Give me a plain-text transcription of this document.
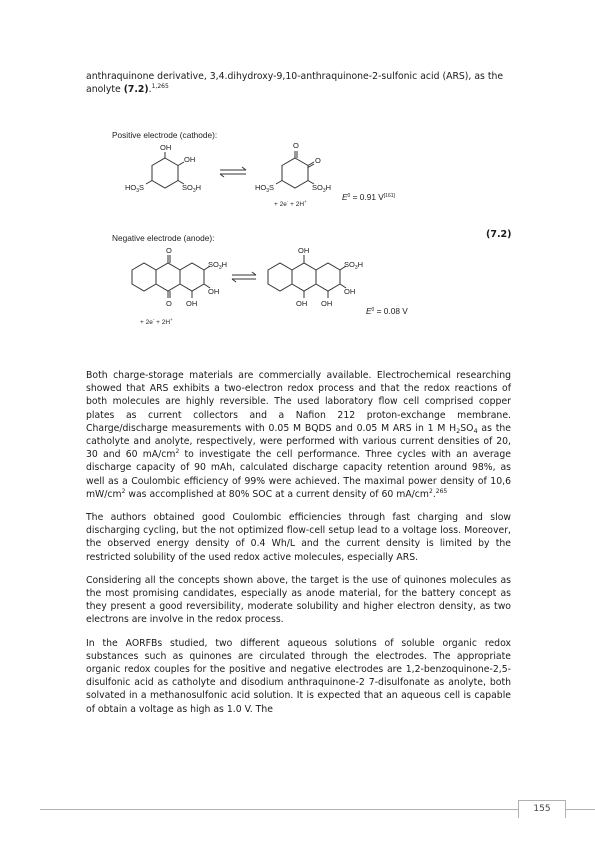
anthraquinone derivative, 3,4.dihydroxy-9,10-anthraquinone-2-sulfonic acid (ARS), as the anolyte (7.2).$^{1,265}$

Positive electrode (cathode):
Negative electrode (anode):
OH
OH
$HO_3S$	$SO_3H$
O
O
$HO_3S$	$SO_3H$
+ 2e- + 2H+	$E^0 = 0.91$ V[161]
O
O OH
$SO_3H$
OH
+ 2e- + 2H+
OH
OH OH
$SO_3H$
OH
$E^0 = 0.08$ V
(7.2)

Both charge-storage materials are commercially available. Electrochemical researching showed that ARS exhibits a two-electron redox process and that the redox reactions of both molecules are highly reversible. The used laboratory flow cell comprised copper plates as current collectors and a Nafion 212 proton-exchange membrane. Charge/discharge measurements with 0.05 M BQDS and 0.05 M ARS in 1 M $H_2SO_4$ as the catholyte and anolyte, respectively, were performed with various current densities of 20, 30 and 60 $mA/cm^2$ to investigate the cell performance. Three cycles with an average discharge capacity of 90 mAh, calculated discharge capacity retention around 98%, as well as a Coulombic efficiency of 99% were achieved. The maximal power density of 10,6 $mW/cm^2$ was accomplished at 80% SOC at a current density of 60 $mA/cm^2.^{265}$

The authors obtained good Coulombic efficiencies through fast charging and slow discharging cycling, but the not optimized flow-cell setup lead to a voltage loss. Moreover, the observed energy density of 0.4 Wh/L and the current density is limited by the restricted solubility of the used redox active molecules, especially ARS.

Considering all the concepts shown above, the target is the use of quinones molecules as the most promising candidates, especially as anode material, for the battery concept as they present a good reversibility, moderate solubility and higher electron density, as two electrons are involve in the redox process.

In the AORFBs studied, two different aqueous solutions of soluble organic redox substances such as quinones are circulated through the electrodes. The appropriate organic redox couples for the positive and negative electrodes are 1,2-benzoquinone-2,5-disulfonic acid as catholyte and disodium anthraquinone-2 7-disulfonate as anolyte, both solvated in a methanosulfonic acid solution. It is expected that an aqueous cell is capable of obtain a voltage as high as 1.0 V. The

155
